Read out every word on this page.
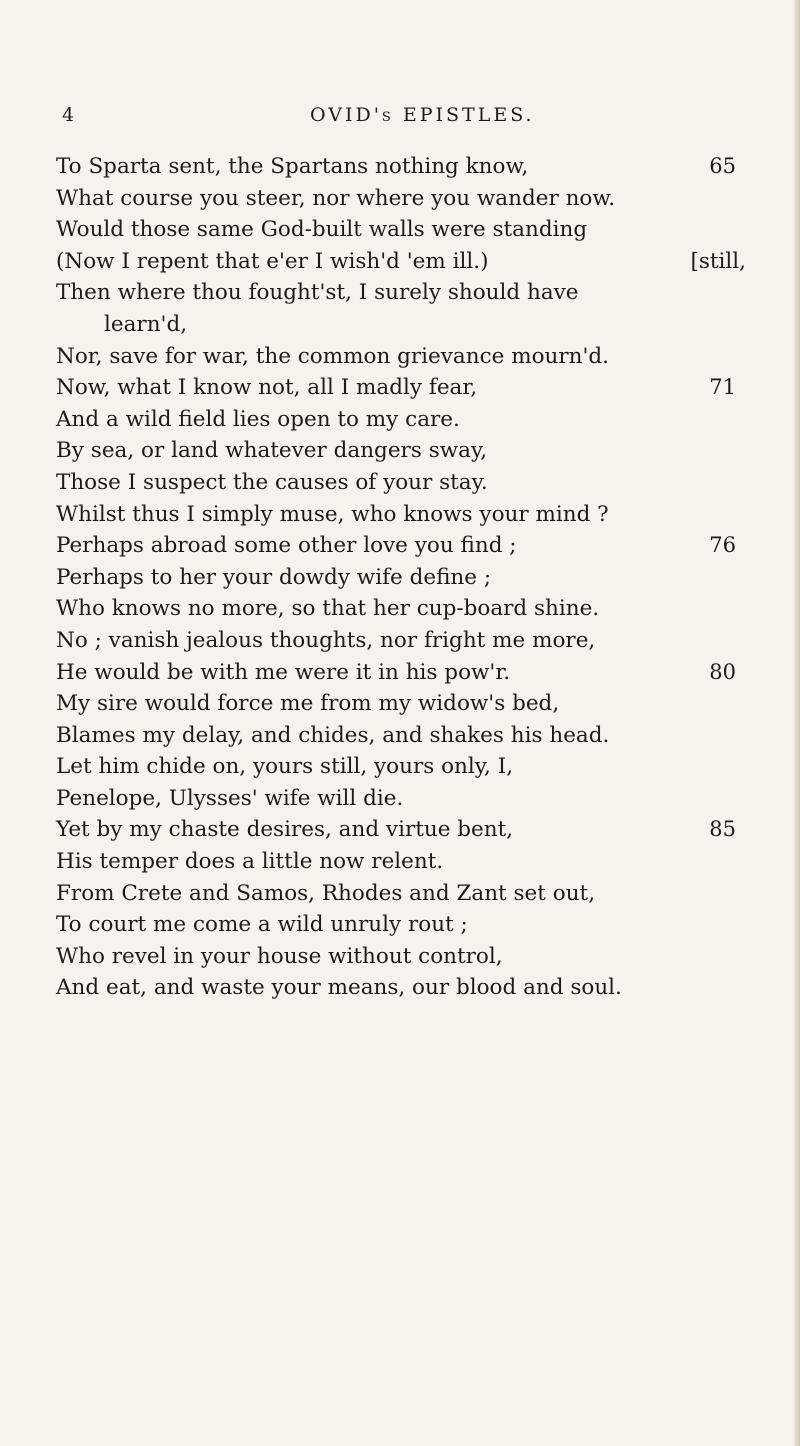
4	OVID's EPISTLES.
To Sparta sent, the Spartans nothing know,	65
What course you steer, nor where you wander now.
Would those same God-built walls were standing
(Now I repent that e'er I wish'd 'em ill.)	[still,
Then where thou fought'st, I surely should have
learn'd,
Nor, save for war, the common grievance mourn'd.
Now, what I know not, all I madly fear,	71
And a wild field lies open to my care.
By sea, or land whatever dangers sway,
Those I suspect the causes of your stay.
Whilst thus I simply muse, who knows your mind ?
Perhaps abroad some other love you find ;	76
Perhaps to her your dowdy wife define ;
Who knows no more, so that her cup-board shine.
No ; vanish jealous thoughts, nor fright me more,
He would be with me were it in his pow'r.	80
My sire would force me from my widow's bed,
Blames my delay, and chides, and shakes his head.
Let him chide on, yours still, yours only, I,
Penelope, Ulysses' wife will die.
Yet by my chaste desires, and virtue bent,	85
His temper does a little now relent.
From Crete and Samos, Rhodes and Zant set out,
To court me come a wild unruly rout ;
Who revel in your house without control,
And eat, and waste your means, our blood and soul.
